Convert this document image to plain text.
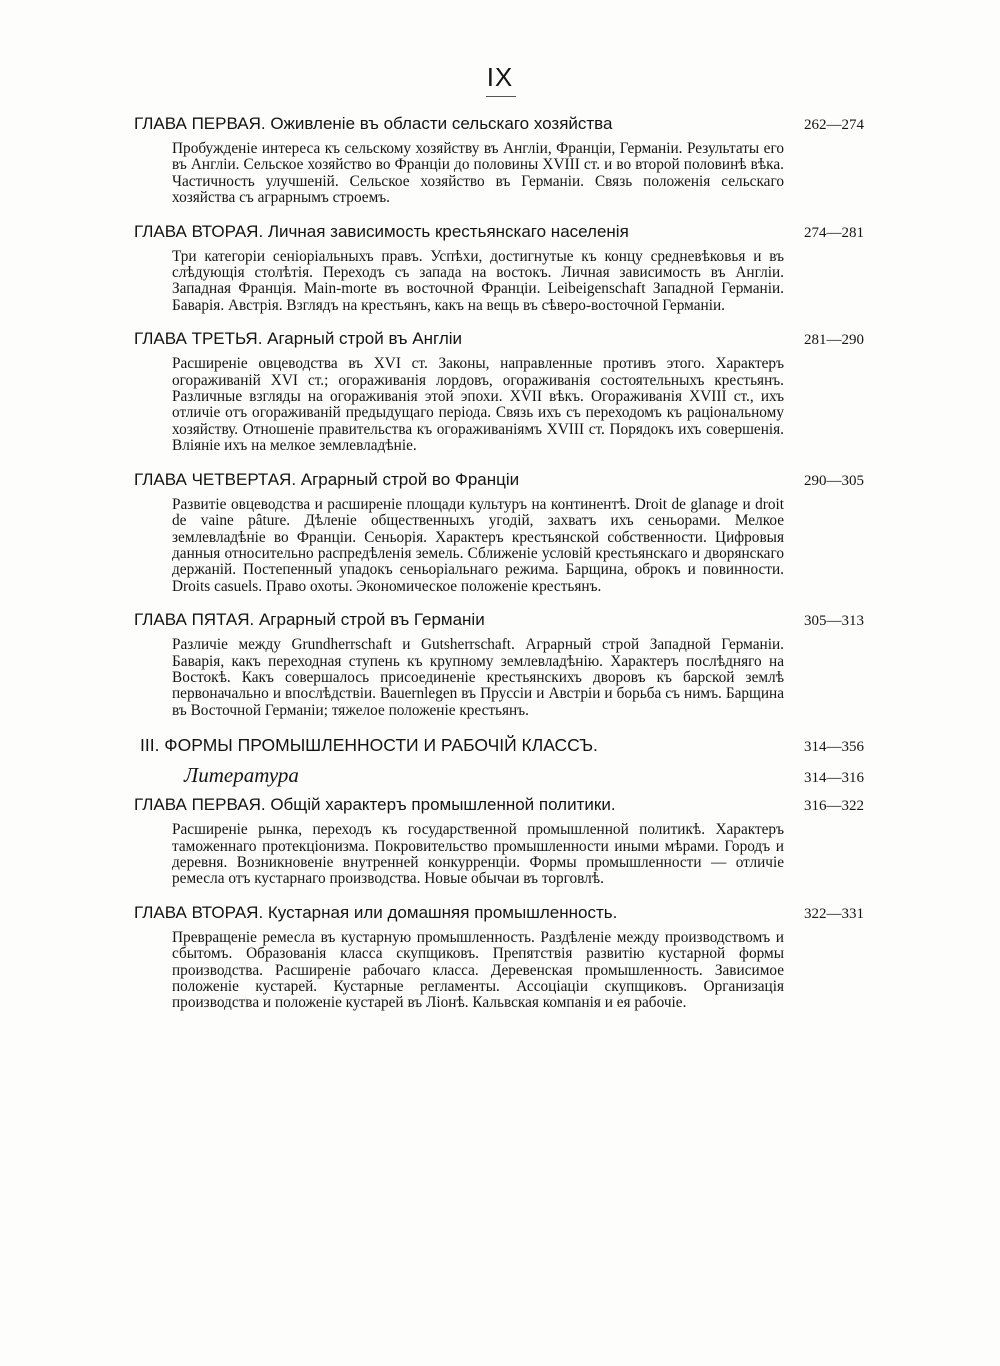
IX
ГЛАВА ПЕРВАЯ. Оживленіе въ области сельскаго хозяйства	262—274
Пробужденіе интереса къ сельскому хозяйству въ Англіи, Франціи, Германіи. Результаты его въ Англіи. Сельское хозяйство во Франціи до половины XVIII ст. и во второй половинѣ вѣка. Частичность улучшеній. Сельское хозяйство въ Германіи. Связь положенія сельскаго хозяйства съ аграрнымъ строемъ.
ГЛАВА ВТОРАЯ. Личная зависимость крестьянскаго населенія	274—281
Три категоріи сеніоріальныхъ правъ. Успѣхи, достигнутые къ концу средневѣковья и въ слѣдующія столѣтія. Переходъ съ запада на востокъ. Личная зависимость въ Англіи. Западная Франція. Main-morte въ восточной Франціи. Leibeigenschaft Западной Германіи. Баварія. Австрія. Взглядъ на крестьянъ, какъ на вещь въ сѣверо-восточной Германіи.
ГЛАВА ТРЕТЬЯ. Агарный строй въ Англіи	281—290
Расширеніе овцеводства въ XVI ст. Законы, направленные противъ этого. Характеръ огораживаній XVI ст.; огораживанія лордовъ, огораживанія состоятельныхъ крестьянъ. Различные взгляды на огораживанія этой эпохи. XVII вѣкъ. Огораживанія XVIII ст., ихъ отличіе отъ огораживаній предыдущаго періода. Связь ихъ съ переходомъ къ раціональному хозяйству. Отношеніе правительства къ огораживаніямъ XVIII ст. Порядокъ ихъ совершенія. Вліяніе ихъ на мелкое землевладѣніе.
ГЛАВА ЧЕТВЕРТАЯ. Аграрный строй во Франціи	290—305
Развитіе овцеводства и расширеніе площади культуръ на континентѣ. Droit de glanage и droit de vaine pâture. Дѣленіе общественныхъ угодій, захватъ ихъ сеньорами. Мелкое землевладѣніе во Франціи. Сеньорія. Характеръ крестьянской собственности. Цифровыя данныя относительно распредѣленія земель. Сближеніе условій крестьянскаго и дворянскаго держаній. Постепенный упадокъ сеньоріальнаго режима. Барщина, оброкъ и повинности. Droits casuels. Право охоты. Экономическое положеніе крестьянъ.
ГЛАВА ПЯТАЯ. Аграрный строй въ Германіи	305—313
Различіе между Grundherrschaft и Gutsherrschaft. Аграрный строй Западной Германіи. Баварія, какъ переходная ступень къ крупному землевладѣнію. Характеръ послѣдняго на Востокѣ. Какъ совершалось присоединеніе крестьянскихъ дворовъ къ барской землѣ первоначально и впослѣдствіи. Bauernlegen въ Пруссіи и Австріи и борьба съ нимъ. Барщина въ Восточной Германіи; тяжелое положеніе крестьянъ.
III. ФОРМЫ ПРОМЫШЛЕННОСТИ И РАБОЧІЙ КЛАССЪ.	314—356
Литература	314—316
ГЛАВА ПЕРВАЯ. Общій характеръ промышленной политики.	316—322
Расширеніе рынка, переходъ къ государственной промышленной политикѣ. Характеръ таможеннаго протекціонизма. Покровительство промышленности иными мѣрами. Городъ и деревня. Возникновеніе внутренней конкурренціи. Формы промышленности — отличіе ремесла отъ кустарнаго производства. Новые обычаи въ торговлѣ.
ГЛАВА ВТОРАЯ. Кустарная или домашняя промышленность.	322—331
Превращеніе ремесла въ кустарную промышленность. Раздѣленіе между производствомъ и сбытомъ. Образованія класса скупщиковъ. Препятствія развитію кустарной формы производства. Расширеніе рабочаго класса. Деревенская промышленность. Зависимое положеніе кустарей. Кустарные регламенты. Ассоціаціи скупщиковъ. Организація производства и положеніе кустарей въ Ліонѣ. Кальвская компанія и ея рабочіе.
